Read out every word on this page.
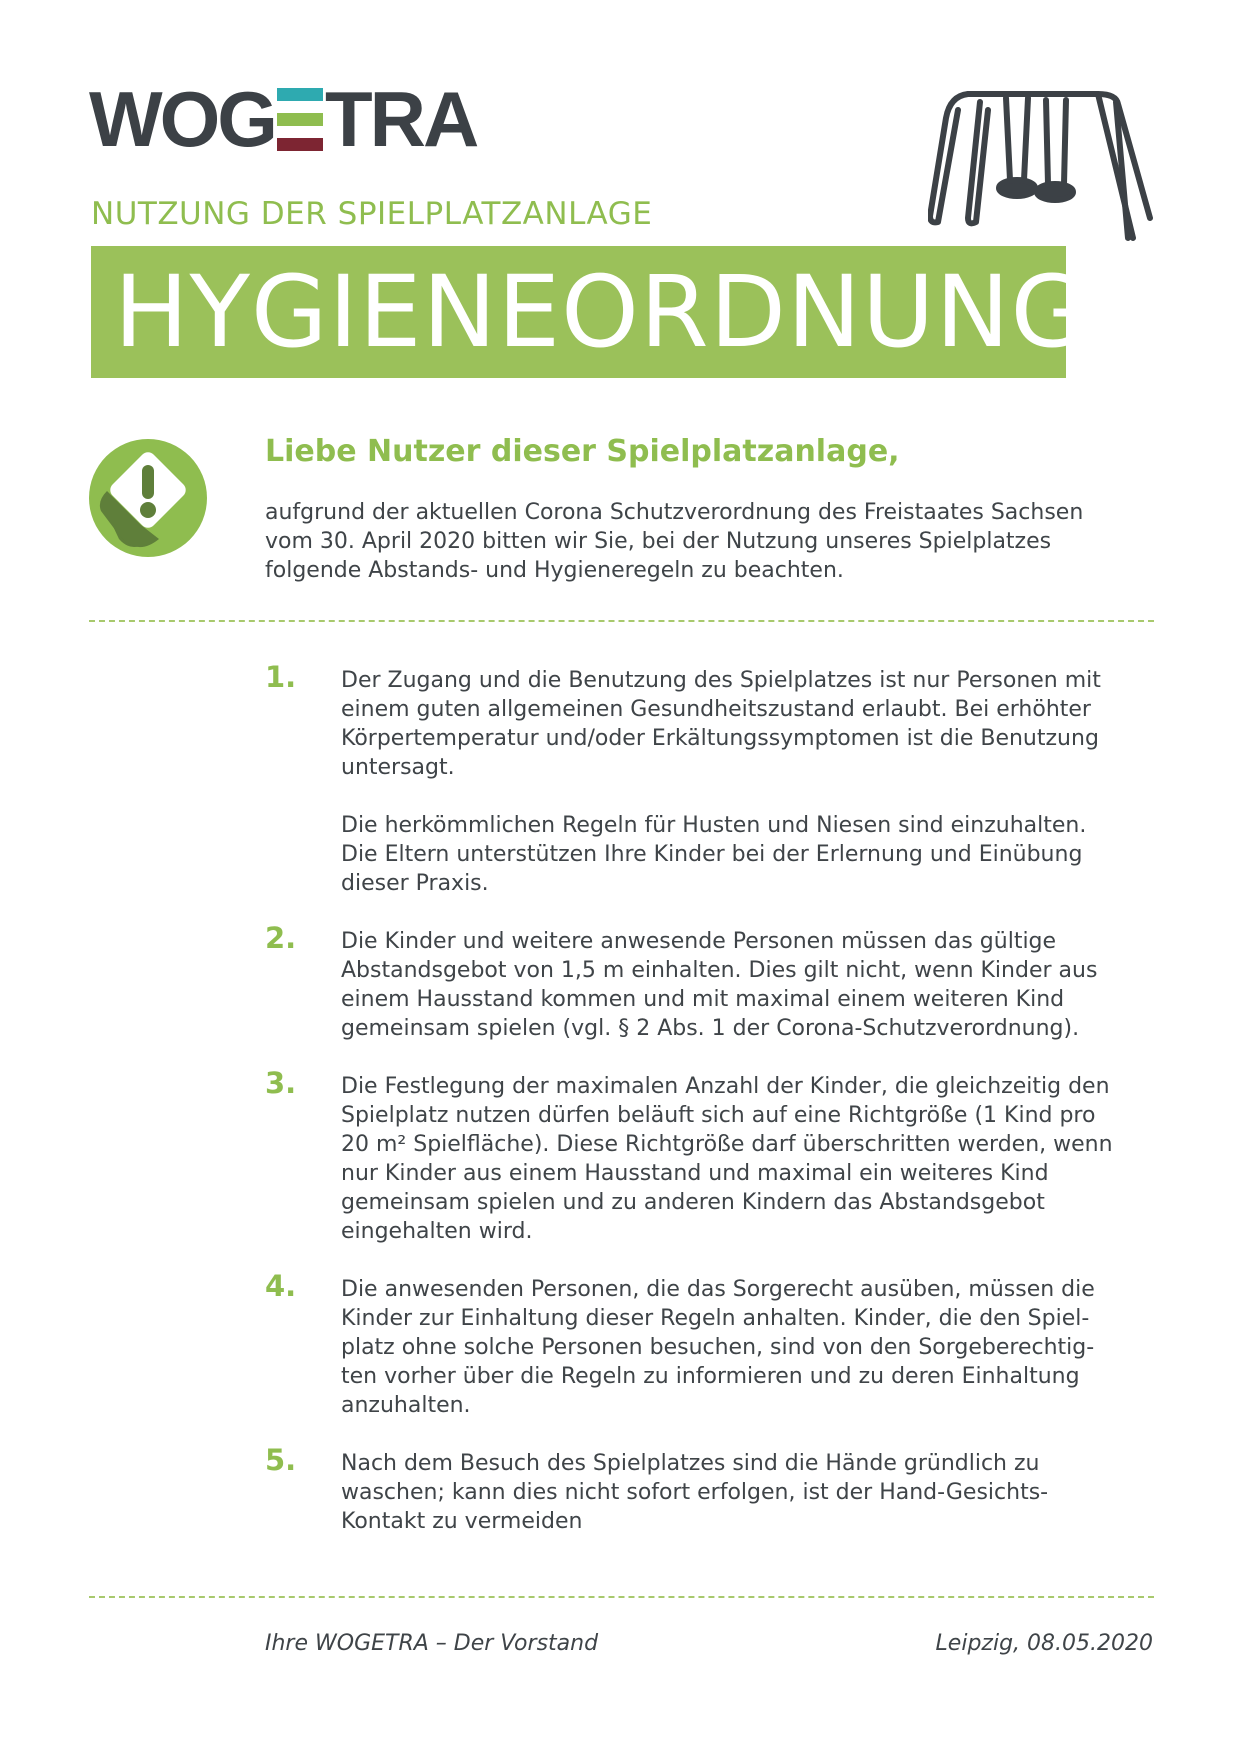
WOG TRA
NUTZUNG DER SPIELPLATZANLAGE
HYGIENEORDNUNG
Liebe Nutzer dieser Spielplatzanlage,
aufgrund der aktuellen Corona Schutzverordnung des Freistaates Sachsen
vom 30. April 2020 bitten wir Sie, bei der Nutzung unseres Spielplatzes
folgende Abstands- und Hygieneregeln zu beachten.
1.	Der Zugang und die Benutzung des Spielplatzes ist nur Personen mit
einem guten allgemeinen Gesundheitszustand erlaubt. Bei erhöhter
Körpertemperatur und/oder Erkältungssymptomen ist die Benutzung
untersagt.

Die herkömmlichen Regeln für Husten und Niesen sind einzuhalten.
Die Eltern unterstützen Ihre Kinder bei der Erlernung und Einübung
dieser Praxis.

2.	Die Kinder und weitere anwesende Personen müssen das gültige
Abstandsgebot von 1,5 m einhalten. Dies gilt nicht, wenn Kinder aus
einem Hausstand kommen und mit maximal einem weiteren Kind
gemeinsam spielen (vgl. § 2 Abs. 1 der Corona-Schutzverordnung).

3.	Die Festlegung der maximalen Anzahl der Kinder, die gleichzeitig den
Spielplatz nutzen dürfen beläuft sich auf eine Richtgröße (1 Kind pro
20 m² Spielfläche). Diese Richtgröße darf überschritten werden, wenn
nur Kinder aus einem Hausstand und maximal ein weiteres Kind
gemeinsam spielen und zu anderen Kindern das Abstandsgebot
eingehalten wird.

4.	Die anwesenden Personen, die das Sorgerecht ausüben, müssen die
Kinder zur Einhaltung dieser Regeln anhalten. Kinder, die den Spiel-
platz ohne solche Personen besuchen, sind von den Sorgeberechtig-
ten vorher über die Regeln zu informieren und zu deren Einhaltung
anzuhalten.

5.	Nach dem Besuch des Spielplatzes sind die Hände gründlich zu
waschen; kann dies nicht sofort erfolgen, ist der Hand-Gesichts-
Kontakt zu vermeiden

Ihre WOGETRA – Der Vorstand	Leipzig, 08.05.2020
